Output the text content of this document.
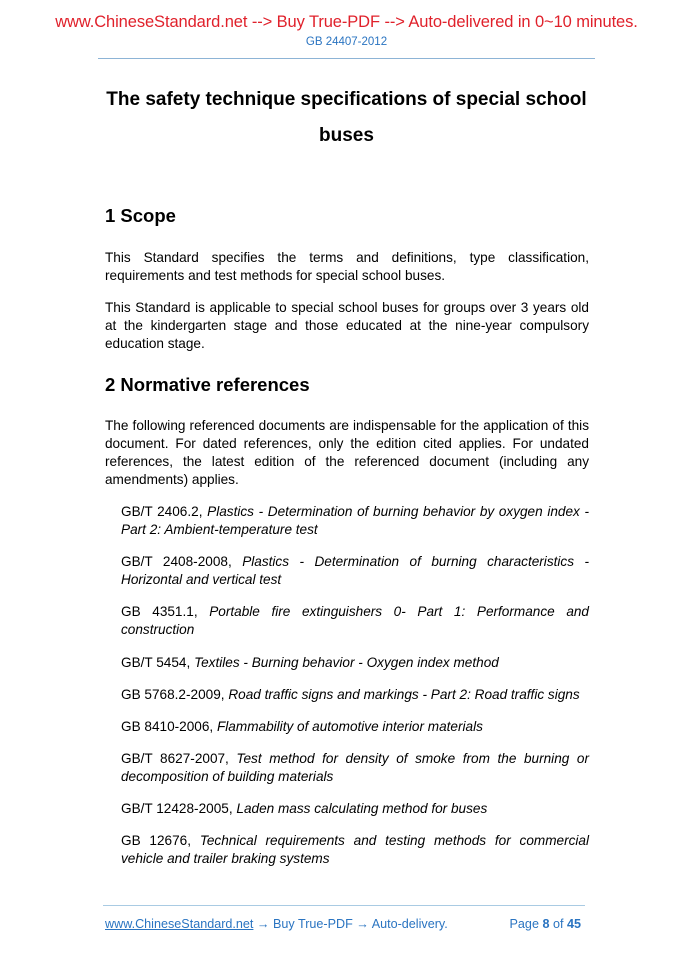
www.ChineseStandard.net --> Buy True-PDF --> Auto-delivered in 0~10 minutes.
GB 24407-2012
The safety technique specifications of special school
buses
1 Scope
This Standard specifies the terms and definitions, type classification, requirements and test methods for special school buses.
This Standard is applicable to special school buses for groups over 3 years old at the kindergarten stage and those educated at the nine-year compulsory education stage.
2 Normative references
The following referenced documents are indispensable for the application of this document. For dated references, only the edition cited applies. For undated references, the latest edition of the referenced document (including any amendments) applies.
GB/T 2406.2, Plastics - Determination of burning behavior by oxygen index - Part 2: Ambient-temperature test
GB/T 2408-2008, Plastics - Determination of burning characteristics - Horizontal and vertical test
GB 4351.1, Portable fire extinguishers 0- Part 1: Performance and construction
GB/T 5454, Textiles - Burning behavior - Oxygen index method
GB 5768.2-2009, Road traffic signs and markings - Part 2: Road traffic signs
GB 8410-2006, Flammability of automotive interior materials
GB/T 8627-2007, Test method for density of smoke from the burning or decomposition of building materials
GB/T 12428-2005, Laden mass calculating method for buses
GB 12676, Technical requirements and testing methods for commercial vehicle and trailer braking systems
www.ChineseStandard.net → Buy True-PDF → Auto-delivery.	Page 8 of 45
